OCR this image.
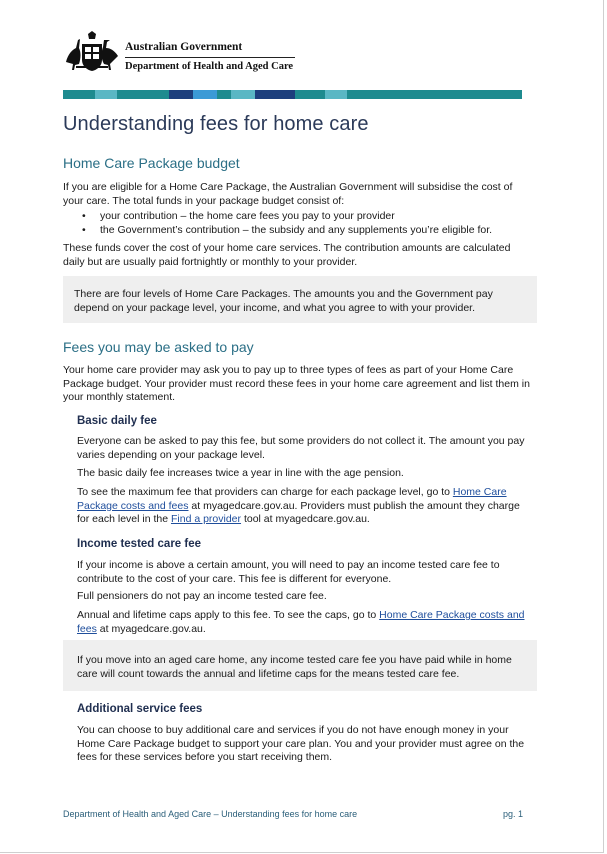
Australian Government
Department of Health and Aged Care
Understanding fees for home care
Home Care Package budget

If you are eligible for a Home Care Package, the Australian Government will subsidise the cost of your care. The total funds in your package budget consist of:

• your contribution – the home care fees you pay to your provider
• the Government’s contribution – the subsidy and any supplements you’re eligible for.

These funds cover the cost of your home care services. The contribution amounts are calculated daily but are usually paid fortnightly or monthly to your provider.

There are four levels of Home Care Packages. The amounts you and the Government pay depend on your package level, your income, and what you agree to with your provider.

Fees you may be asked to pay

Your home care provider may ask you to pay up to three types of fees as part of your Home Care Package budget. Your provider must record these fees in your home care agreement and list them in your monthly statement.

Basic daily fee

Everyone can be asked to pay this fee, but some providers do not collect it. The amount you pay varies depending on your package level.

The basic daily fee increases twice a year in line with the age pension.

To see the maximum fee that providers can charge for each package level, go to Home Care Package costs and fees at myagedcare.gov.au. Providers must publish the amount they charge for each level in the Find a provider tool at myagedcare.gov.au.

Income tested care fee

If your income is above a certain amount, you will need to pay an income tested care fee to contribute to the cost of your care. This fee is different for everyone.

Full pensioners do not pay an income tested care fee.

Annual and lifetime caps apply to this fee. To see the caps, go to Home Care Package costs and fees at myagedcare.gov.au.

If you move into an aged care home, any income tested care fee you have paid while in home care will count towards the annual and lifetime caps for the means tested care fee.

Additional service fees

You can choose to buy additional care and services if you do not have enough money in your Home Care Package budget to support your care plan. You and your provider must agree on the fees for these services before you start receiving them.

Department of Health and Aged Care – Understanding fees for home care	pg. 1
